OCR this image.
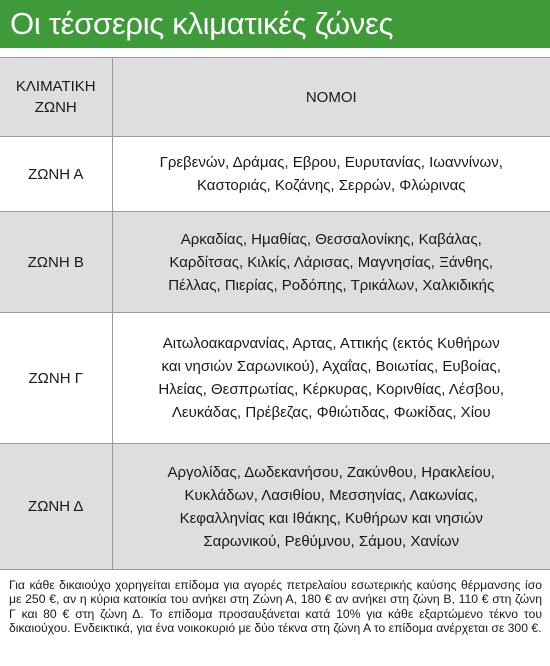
Οι τέσσερις κλιματικές ζώνες
ΚΛΙΜΑΤΙΚΗ
ΖΩΝΗ	ΝΟΜΟΙ
ΖΩΝΗ Α	Γρεβενών, Δράμας, Εβρου, Ευρυτανίας, Ιωαννίνων,
Καστοριάς, Κοζάνης, Σερρών, Φλώρινας
ΖΩΝΗ Β	Αρκαδίας, Ημαθίας, Θεσσαλονίκης, Καβάλας,
Καρδίτσας, Κιλκίς, Λάρισας, Μαγνησίας, Ξάνθης,
Πέλλας, Πιερίας, Ροδόπης, Τρικάλων, Χαλκιδικής
ΖΩΝΗ Γ	Αιτωλοακαρνανίας, Αρτας, Αττικής (εκτός Κυθήρων
και νησιών Σαρωνικού), Αχαΐας, Βοιωτίας, Ευβοίας,
Ηλείας, Θεσπρωτίας, Κέρκυρας, Κορινθίας, Λέσβου,
Λευκάδας, Πρέβεζας, Φθιώτιδας, Φωκίδας, Χίου
ΖΩΝΗ Δ	Αργολίδας, Δωδεκανήσου, Ζακύνθου, Ηρακλείου,
Κυκλάδων, Λασιθίου, Μεσσηνίας, Λακωνίας,
Κεφαλληνίας και Ιθάκης, Κυθήρων και νησιών
Σαρωνικού, Ρεθύμνου, Σάμου, Χανίων

Για κάθε δικαιούχο χορηγείται επίδομα για αγορές πετρελαίου εσωτερικής καύσης θέρμανσης ίσο με 250 €, αν η κύρια κατοικία του ανήκει στη Ζώνη Α, 180 € αν ανήκει στη ζώνη Β, 110 € στη ζώνη Γ και 80 € στη ζώνη Δ. Το επίδομα προσαυξάνεται κατά 10% για κάθε εξαρτώμενο τέκνο του δικαιούχου. Ενδεικτικά, για ένα νοικοκυριό με δύο τέκνα στη ζώνη Α το επίδομα ανέρχεται σε 300 €.
